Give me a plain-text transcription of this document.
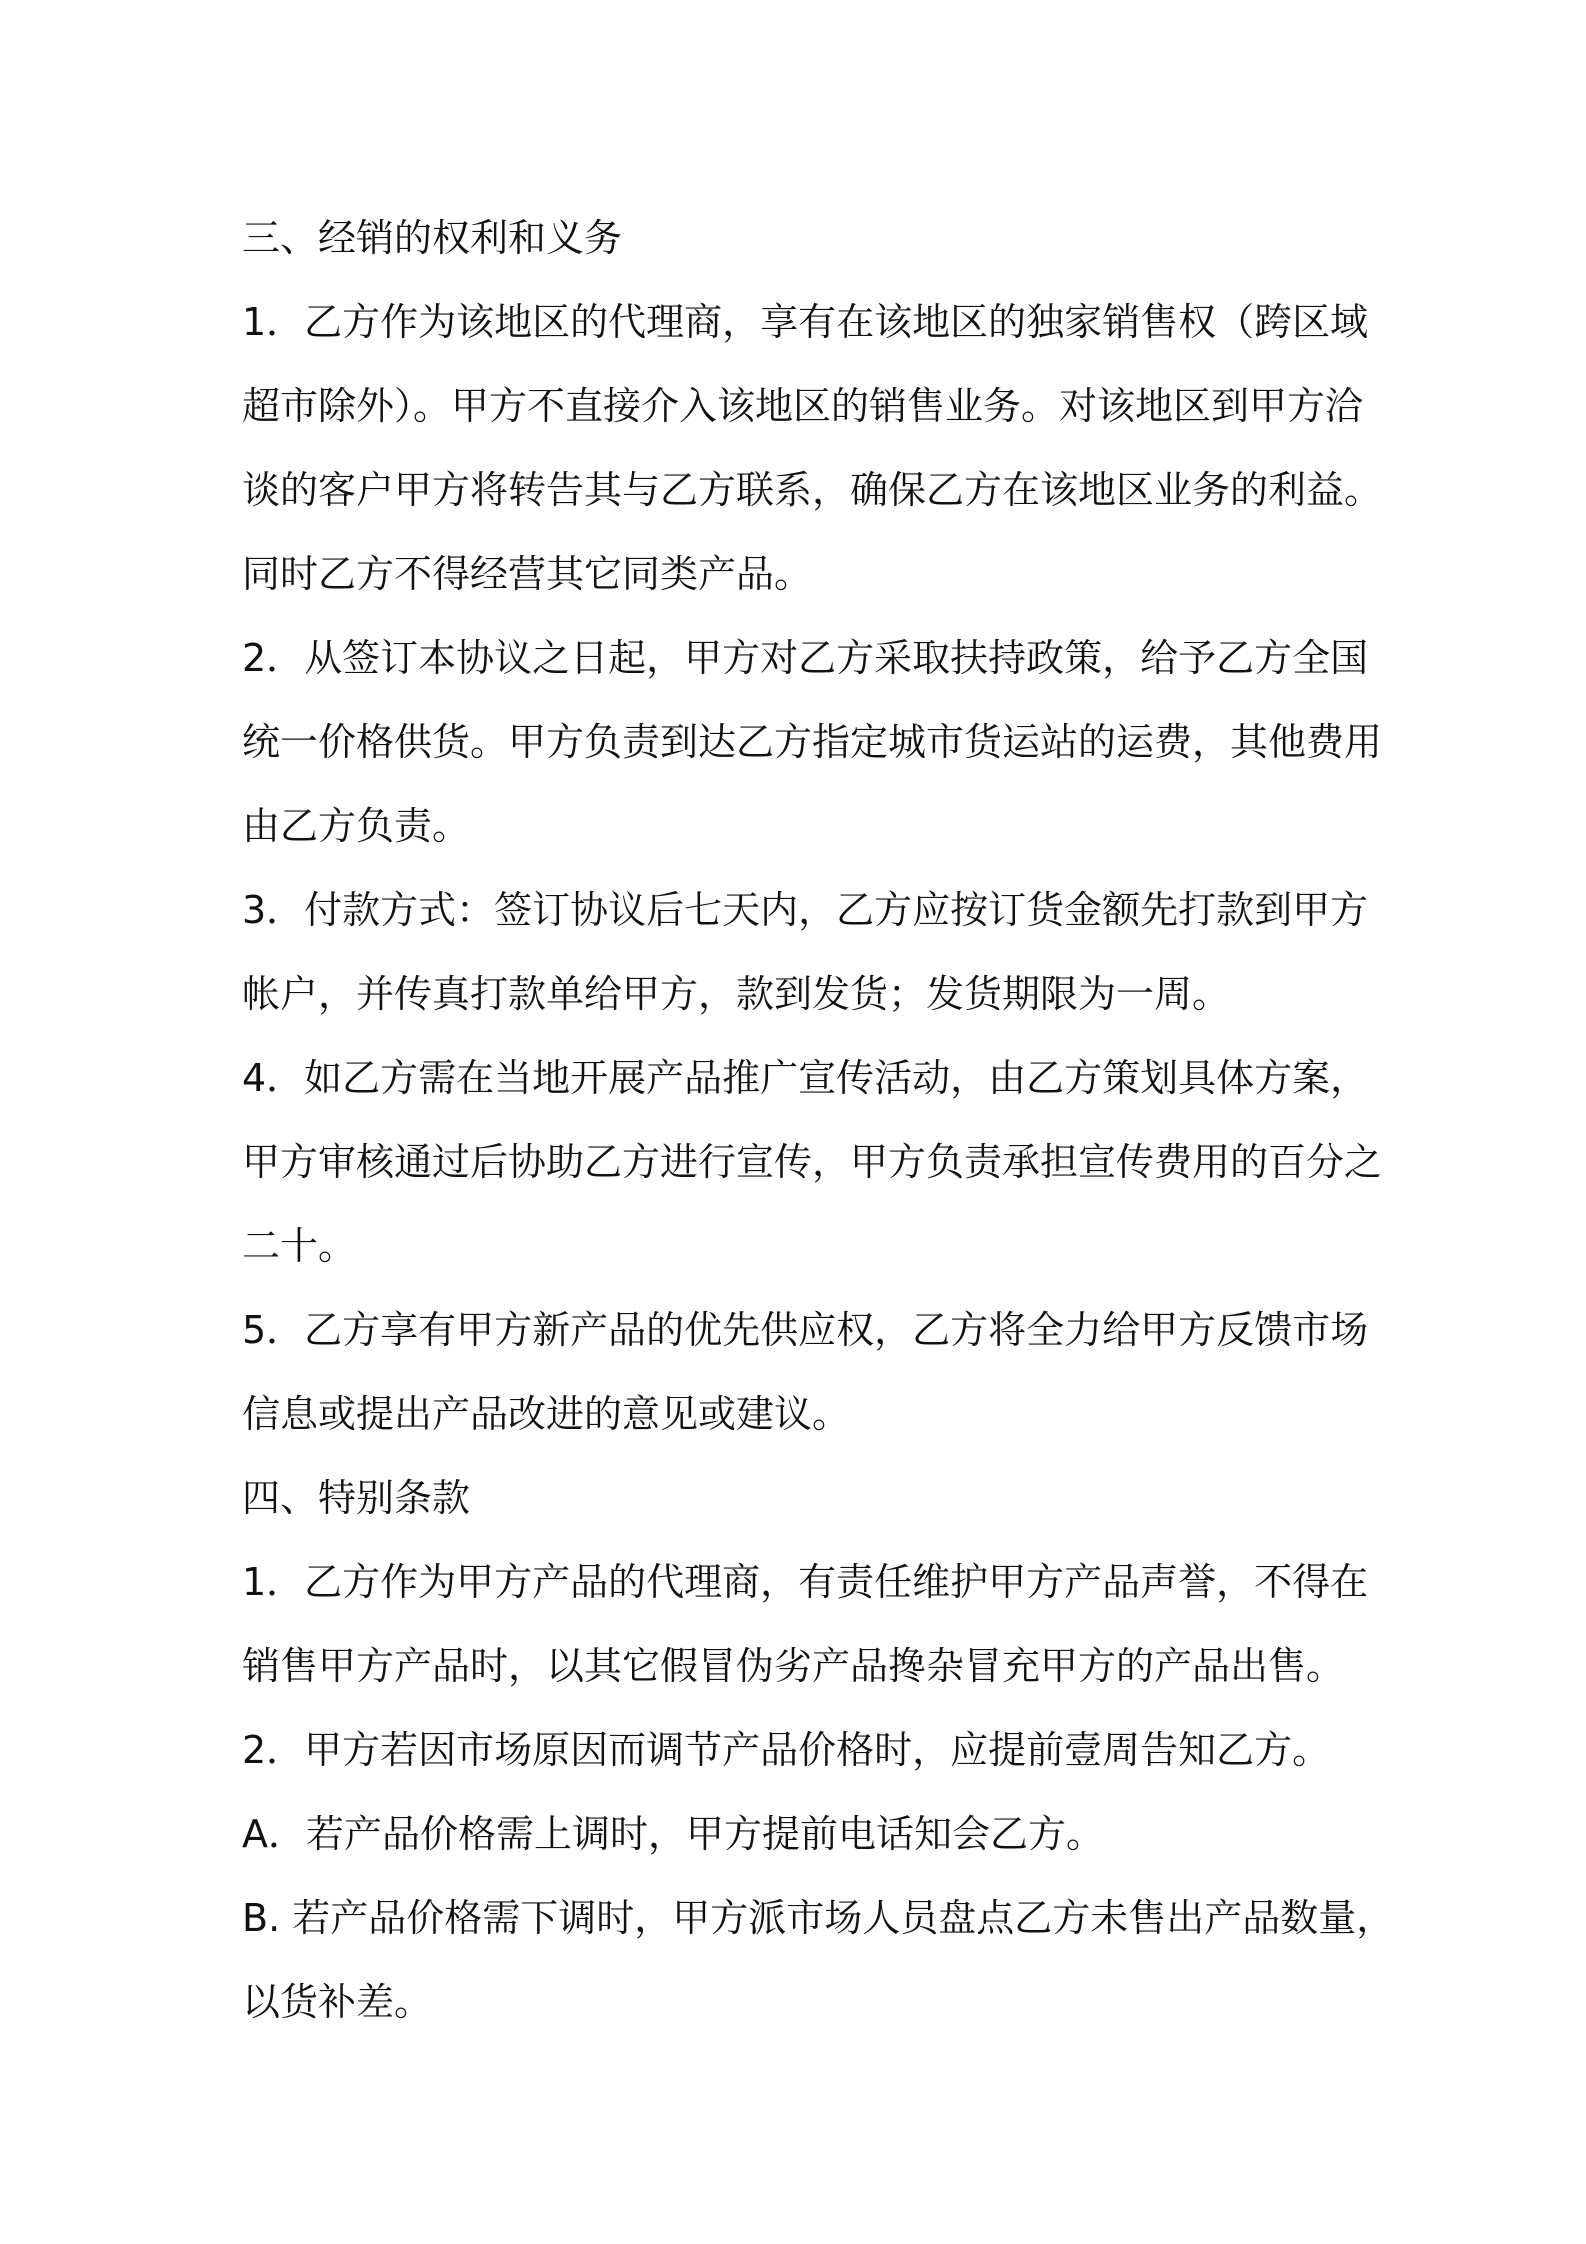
三、经销的权利和义务
1．乙方作为该地区的代理商，享有在该地区的独家销售权（跨区域
超市除外）。甲方不直接介入该地区的销售业务。对该地区到甲方洽
谈的客户甲方将转告其与乙方联系，确保乙方在该地区业务的利益。
同时乙方不得经营其它同类产品。
2．从签订本协议之日起，甲方对乙方采取扶持政策，给予乙方全国
统一价格供货。甲方负责到达乙方指定城市货运站的运费，其他费用
由乙方负责。
3．付款方式：签订协议后七天内，乙方应按订货金额先打款到甲方
帐户，并传真打款单给甲方，款到发货；发货期限为一周。
4．如乙方需在当地开展产品推广宣传活动，由乙方策划具体方案，
甲方审核通过后协助乙方进行宣传，甲方负责承担宣传费用的百分之
二十。
5．乙方享有甲方新产品的优先供应权，乙方将全力给甲方反馈市场
信息或提出产品改进的意见或建议。
四、特别条款
1．乙方作为甲方产品的代理商，有责任维护甲方产品声誉，不得在
销售甲方产品时，以其它假冒伪劣产品搀杂冒充甲方的产品出售。
2．甲方若因市场原因而调节产品价格时，应提前壹周告知乙方。
A．若产品价格需上调时，甲方提前电话知会乙方。
B. 若产品价格需下调时，甲方派市场人员盘点乙方未售出产品数量，
以货补差。
